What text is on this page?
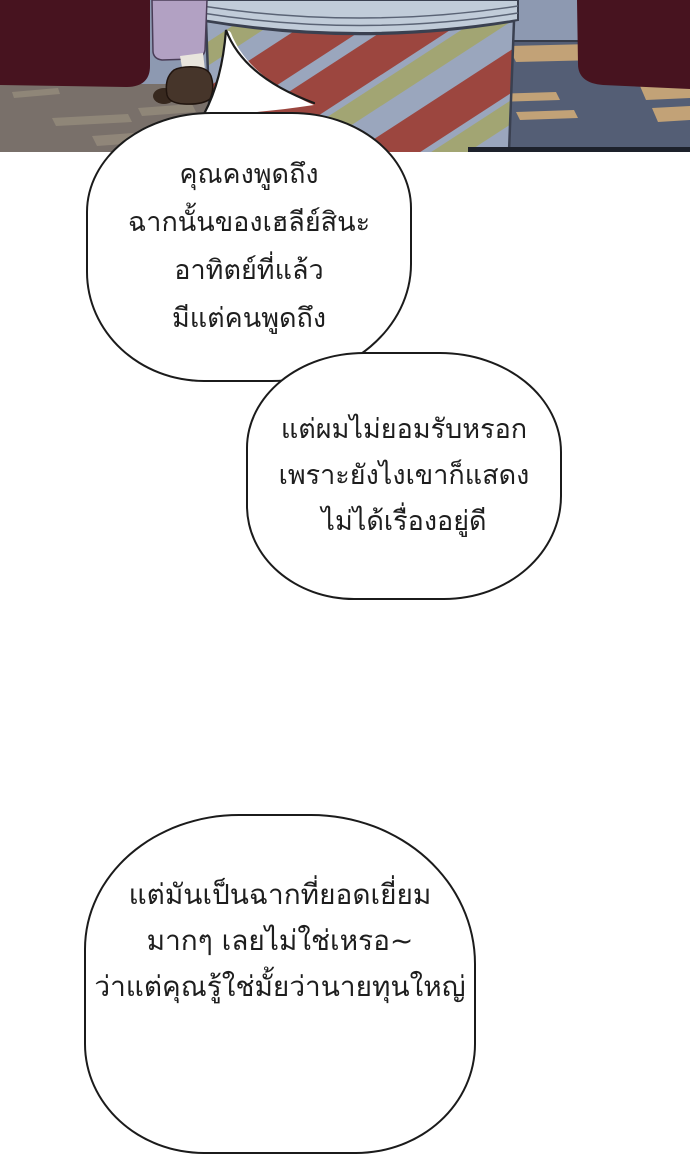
คุณคงพูดถึง

ฉากนั้นของเฮลีย์สินะ

อาทิตย์ที่แล้ว

มีแต่คนพูดถึง

แต่ผมไม่ยอมรับหรอก

เพราะยังไงเขาก็แสดง

ไม่ได้เรื่องอยู่ดี

แต่มันเป็นฉากที่ยอดเยี่ยม

มากๆ เลยไม่ใช่เหรอ~

ว่าแต่คุณรู้ใช่มั้ยว่านายทุนใหญ่
